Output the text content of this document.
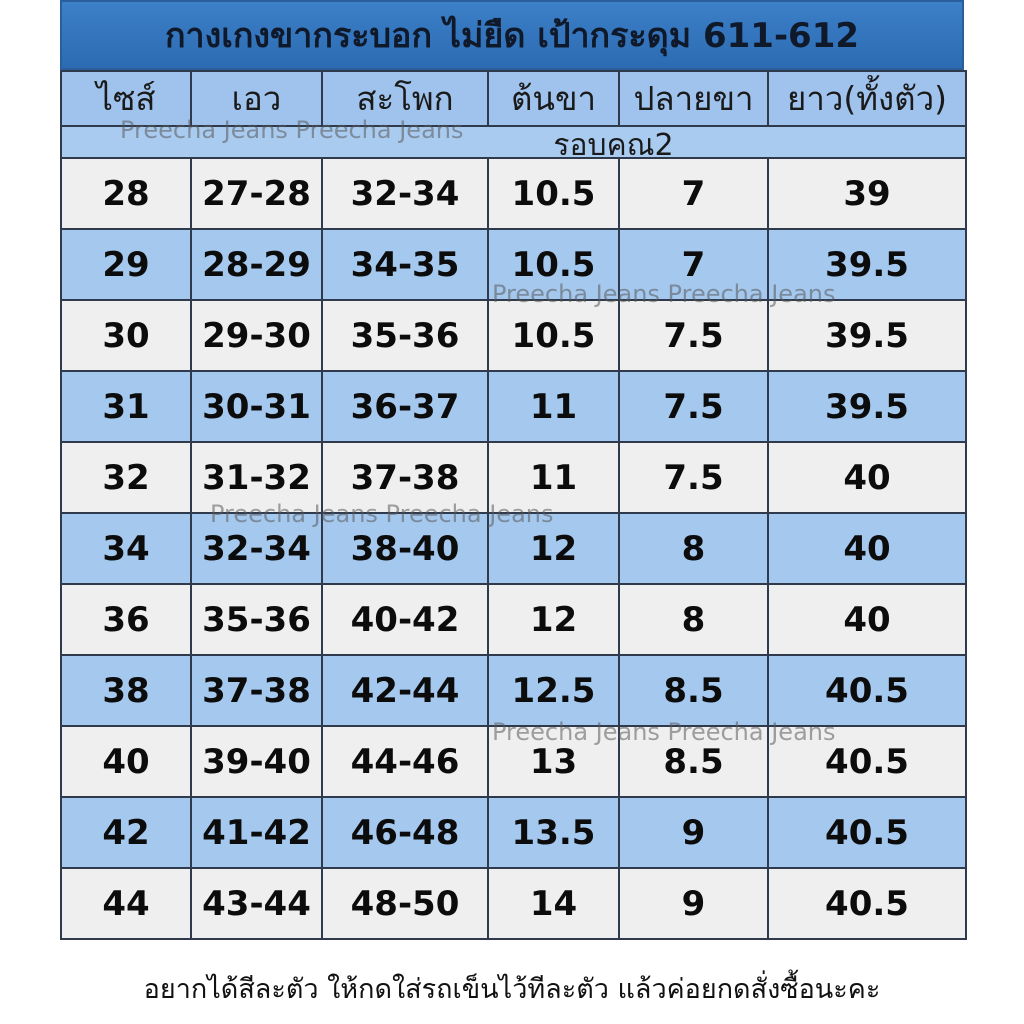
กางเกงขากระบอก ไม่ยืด เป้ากระดุม 611-612
ไซส์	เอว	สะโพก	ต้นขา	ปลายขา	ยาว(ทั้งตัว)

รอบคณ2					

28	27-28	32-34	10.5	7	39
29	28-29	34-35	10.5	7	39.5
30	29-30	35-36	10.5	7.5	39.5
31	30-31	36-37	11	7.5	39.5
32	31-32	37-38	11	7.5	40
34	32-34	38-40	12	8	40
36	35-36	40-42	12	8	40
38	37-38	42-44	12.5	8.5	40.5
40	39-40	44-46	13	8.5	40.5
42	41-42	46-48	13.5	9	40.5
44	43-44	48-50	14	9	40.5
Preecha Jeans Preecha Jeans
Preecha Jeans Preecha Jeans
Preecha Jeans Preecha Jeans
Preecha Jeans Preecha Jeans
อยากได้สีละตัว ให้กดใส่รถเข็นไว้ทีละตัว แล้วค่อยกดสั่งซื้อนะคะ
